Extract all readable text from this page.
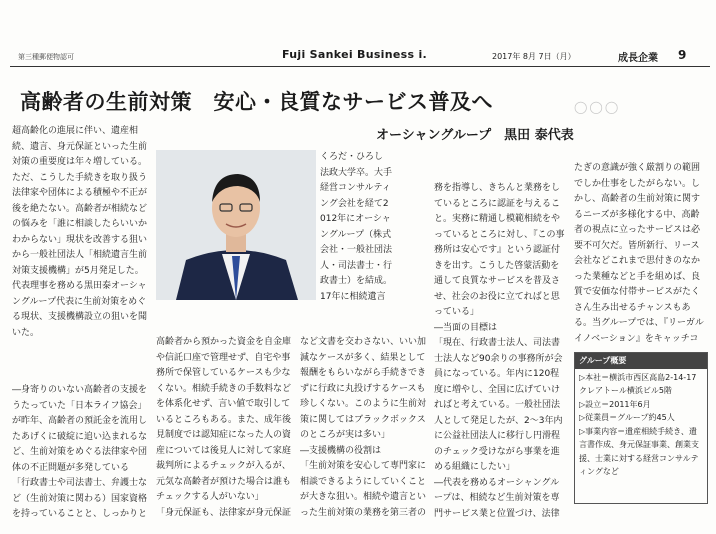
第三種郵便物認可	Fuji Sankei Business i.	2017年 8月 7日（月）	成長企業 9
高齢者の生前対策　安心・良質なサービス普及へ
オーシャングループ　黒田 泰代表
◯◯◯

超高齢化の進展に伴い、遺産相続、遺言、身元保証といった生前対策の重要度は年々増している。ただ、こうした手続きを取り扱う法律家や団体による積極や不正が後を絶たない。高齢者が相続などの悩みを「誰に相談したらいいかわからない」現状を改善する狙いから一般社団法人「相続遺言生前対策支援機構」が5月発足した。代表理事を務める黒田泰オーシャングループ代表に生前対策をめぐる現状、支援機構設立の狙いを聞いた。

―身寄りのいない高齢者の支援をうたっていた「日本ライフ協会」が昨年、高齢者の預託金を流用したあげくに破綻に追い込まれるなど、生前対策をめぐる法律家や団体の不正問題が多発している
「行政書士や司法書士、弁護士など（生前対策に関わる）国家資格を持っていることと、しっかりと

くろだ・ひろし　法政大学卒。大手経営コンサルティング会社を経て2012年にオーシャングループ（株式会社・一般社団法人・司法書士・行政書士）を結成。17年に相続遺言

高齢者から預かった資金を自金庫や信託口座で管理せず、自宅や事務所で保管しているケースも少なくない。相続手続きの手数料などを体系化せず、言い値で取引しているところもある。また、成年後見制度では認知症になった人の資産については後見人に対して家庭裁判所によるチェックが入るが、元気な高齢者が預けた場合は誰もチェックする人がいない」
「身元保証も、法律家が身元保証

など文書を交わさない、いい加減なケースが多く、結果として報酬をもらいながら手続きできずに行政に丸投げするケースも珍しくない。このように生前対策に関してはブラックボックスのところが実は多い」
―支援機構の役割は
「生前対策を安心して専門家に相談できるようにしていくことが大きな狙い。相続や遺言といった生前対策の業務を第三者の

務を指導し、きちんと業務をしているところに認証を与えること。実務に精通し模範相続をやっているところに対し、『この事務所は安心です』という認証付きを出す。こうした啓蒙活動を通して良質なサービスを普及させ、社会のお役に立てればと思っている」
―当面の目標は
「現在、行政書士法人、司法書士法人など90余りの事務所が会員になっている。年内に120程度に増やし、全国に広げていければと考えている。一般社団法人として発足したが、2～3年内に公益社団法人に移行し円滑程のチェック受けながら事業を進める組織にしたい」
―代表を務めるオーシャングループは、相続など生前対策を専門サービス業と位置づけ、法律

たぎの意識が強く厳割りの範囲でしか仕事をしたがらない。しかし、高齢者の生前対策に関するニーズが多様化する中、高齢者の視点に立ったサービスは必要不可欠だ。皆所新行、リース会社などこれまで思付きのなかった業種などと手を組めば、良質で安価な付帯サービスがたくさん生み出せるチャンスもある。当グループでは、『リーガルイノベーション』をキャッチコ

グループ概要
▷本社＝横浜市西区高島2-14-17 クレアトール横浜ビル5階
▷設立＝2011年6月
▷従業員＝グループ約45人
▷事業内容＝遺産相続手続き、遺言書作成、身元保証事業、創業支援、士業に対する経営コンサルティングなど
